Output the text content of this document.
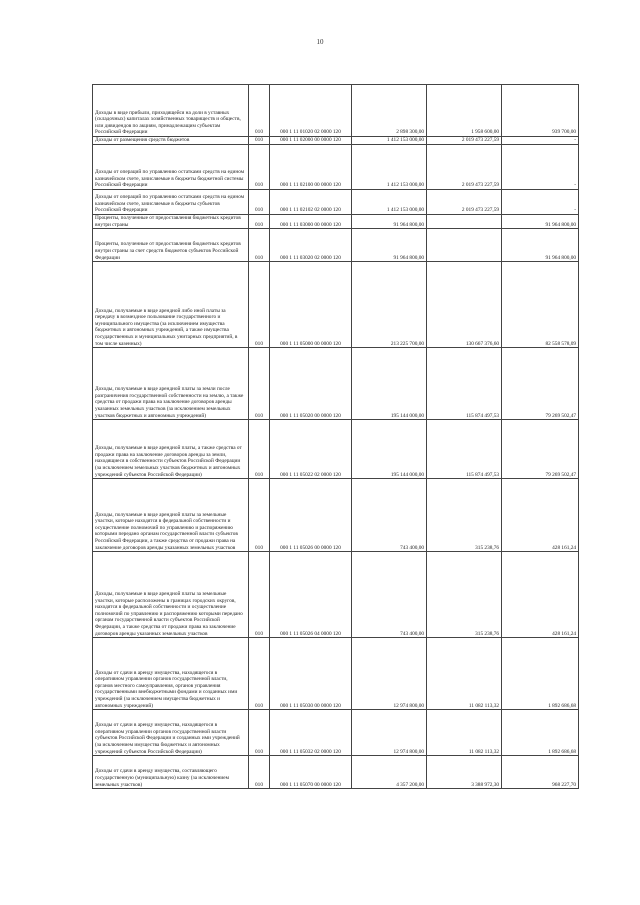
10
Доходы в виде прибыли, приходящейся на доли в уставных (складочных) капиталах хозяйственных товариществ и обществ, или дивидендов по акциям, принадлежащим субъектам Российской Федерации	010	000 1 11 01020 02 0000 120	2 898 300,00	1 958 600,00	939 700,00
Доходы от размещения средств бюджетов	010	000 1 11 02000 00 0000 120	1 412 153 000,00	2 019 473 227,59	-
Доходы от операций по управлению остатками средств на едином казначейском счете, зачисляемые в бюджеты бюджетной системы Российской Федерации	010	000 1 11 02100 00 0000 120	1 412 153 000,00	2 019 473 227,59	-
Доходы от операций по управлению остатками средств на едином казначейском счете, зачисляемые в бюджеты субъектов Российской Федерации	010	000 1 11 02102 02 0000 120	1 412 153 000,00	2 019 473 227,59	-
Проценты, полученные от предоставления бюджетных кредитов внутри страны	010	000 1 11 03000 00 0000 120	91 964 800,00		91 964 800,00
Проценты, полученные от предоставления бюджетных кредитов внутри страны за счет средств бюджетов субъектов Российской Федерации	010	000 1 11 03020 02 0000 120	91 964 800,00		91 964 800,00
Доходы, получаемые в виде арендной либо иной платы за передачу в возмездное пользование государственного и муниципального имущества (за исключением имущества бюджетных и автономных учреждений, а также имущества государственных и муниципальных унитарных предприятий, в том числе казенных)	010	000 1 11 05000 00 0000 120	213 225 700,00	130 667 376,60	82 558 578,09
Доходы, получаемые в виде арендной платы за земли после разграничения государственной собственности на землю, а также средства от продажи права на заключение договоров аренды указанных земельных участков (за исключением земельных участков бюджетных и автономных учреждений)	010	000 1 11 05020 00 0000 120	195 144 000,00	115 874 497,53	79 269 502,47
Доходы, получаемые в виде арендной платы, а также средства от продажи права на заключение договоров аренды за земли, находящиеся в собственности субъектов Российской Федерации (за исключением земельных участков бюджетных и автономных учреждений субъектов Российской Федерации)	010	000 1 11 05022 02 0000 120	195 144 000,00	115 874 497,53	79 269 502,47
Доходы, получаемые в виде арендной платы за земельные участки, которые находятся в федеральной собственности и осуществление полномочий по управлению и распоряжению которыми передано органам государственной власти субъектов Российской Федерации, а также средства от продажи права на заключение договоров аренды указанных земельных участков	010	000 1 11 05026 00 0000 120	743 400,00	315 238,76	428 161,24
Доходы, получаемые в виде арендной платы за земельные участки, которые расположены в границах городских округов, находятся в федеральной собственности и осуществление полномочий по управлению и распоряжению которыми передано органам государственной власти субъектов Российской Федерации, а также средства от продажи права на заключение договоров аренды указанных земельных участков	010	000 1 11 05026 04 0000 120	743 400,00	315 238,76	428 161,24
Доходы от сдачи в аренду имущества, находящегося в оперативном управлении органов государственной власти, органов местного самоуправления, органов управления государственными внебюджетными фондами и созданных ими учреждений (за исключением имущества бюджетных и автономных учреждений)	010	000 1 11 05030 00 0000 120	12 974 800,00	11 082 113,32	1 892 686,68
Доходы от сдачи в аренду имущества, находящегося в оперативном управлении органов государственной власти субъектов Российской Федерации и созданных ими учреждений (за исключением имущества бюджетных и автономных учреждений субъектов Российской Федерации)	010	000 1 11 05032 02 0000 120	12 974 800,00	11 082 113,32	1 892 686,68
Доходы от сдачи в аренду имущества, составляющего государственную (муниципальную) казну (за исключением земельных участков)	010	000 1 11 05070 00 0000 120	4 357 200,00	3 388 972,30	968 227,70
